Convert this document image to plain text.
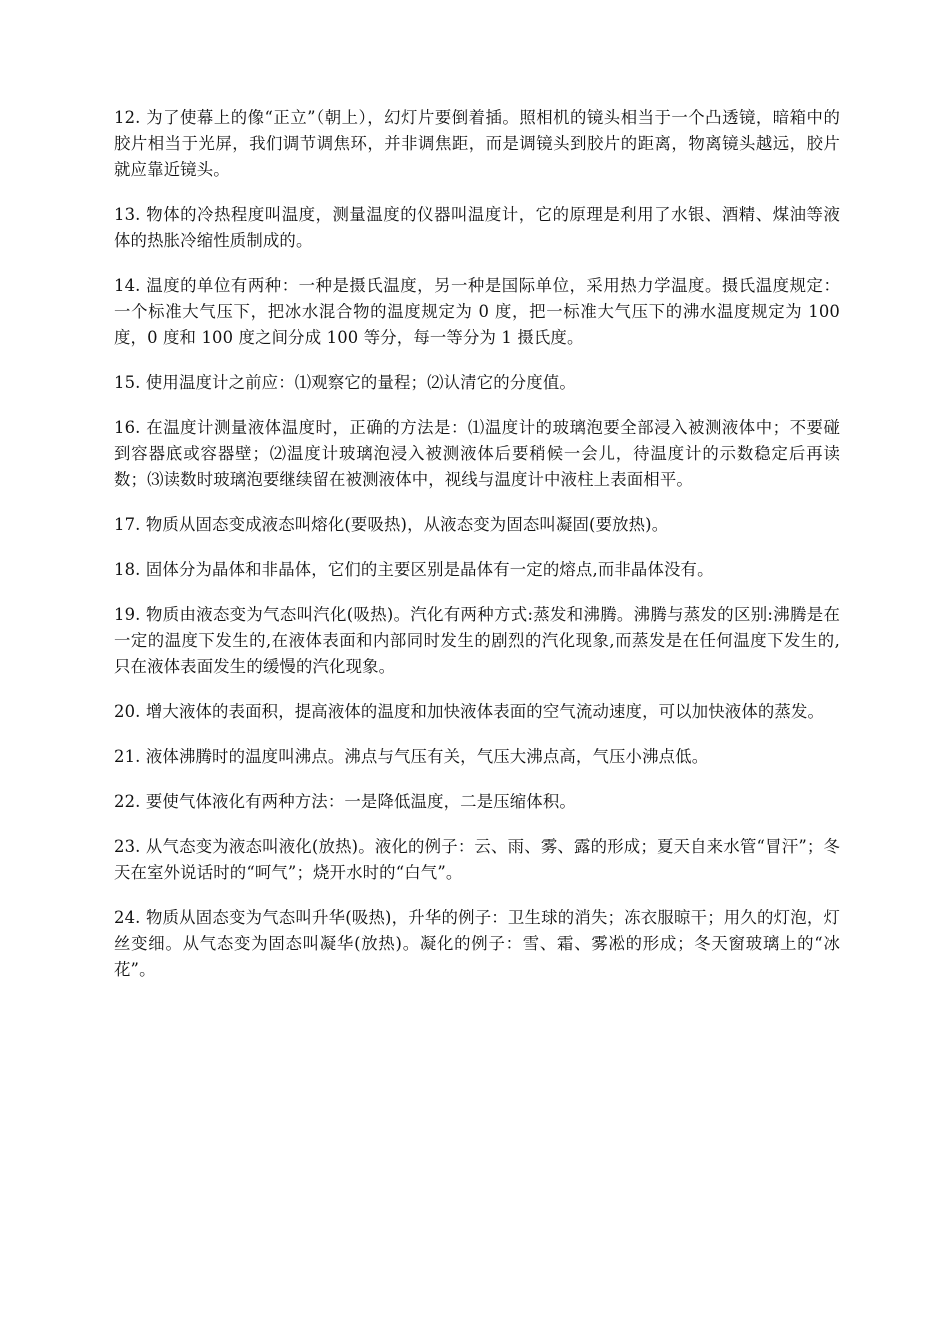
12. 为了使幕上的像“正立”（朝上），幻灯片要倒着插。照相机的镜头相当于一个凸透镜，暗箱中的胶片相当于光屏，我们调节调焦环，并非调焦距，而是调镜头到胶片的距离，物离镜头越远，胶片就应靠近镜头。

13. 物体的冷热程度叫温度，测量温度的仪器叫温度计，它的原理是利用了水银、酒精、煤油等液体的热胀冷缩性质制成的。

14. 温度的单位有两种：一种是摄氏温度，另一种是国际单位，采用热力学温度。摄氏温度规定：一个标准大气压下，把冰水混合物的温度规定为 0 度，把一标准大气压下的沸水温度规定为 100 度，0 度和 100 度之间分成 100 等分，每一等分为 1 摄氏度。

15. 使用温度计之前应：⑴观察它的量程；⑵认清它的分度值。

16. 在温度计测量液体温度时，正确的方法是：⑴温度计的玻璃泡要全部浸入被测液体中；不要碰到容器底或容器壁；⑵温度计玻璃泡浸入被测液体后要稍候一会儿，待温度计的示数稳定后再读数；⑶读数时玻璃泡要继续留在被测液体中，视线与温度计中液柱上表面相平。

17. 物质从固态变成液态叫熔化(要吸热)，从液态变为固态叫凝固(要放热)。

18. 固体分为晶体和非晶体，它们的主要区别是晶体有一定的熔点,而非晶体没有。

19. 物质由液态变为气态叫汽化(吸热)。汽化有两种方式:蒸发和沸腾。沸腾与蒸发的区别:沸腾是在一定的温度下发生的,在液体表面和内部同时发生的剧烈的汽化现象,而蒸发是在任何温度下发生的,只在液体表面发生的缓慢的汽化现象。

20. 增大液体的表面积，提高液体的温度和加快液体表面的空气流动速度，可以加快液体的蒸发。

21. 液体沸腾时的温度叫沸点。沸点与气压有关，气压大沸点高，气压小沸点低。

22. 要使气体液化有两种方法：一是降低温度，二是压缩体积。

23. 从气态变为液态叫液化(放热)。液化的例子：云、雨、雾、露的形成；夏天自来水管“冒汗”；冬天在室外说话时的“呵气”；烧开水时的“白气”。

24. 物质从固态变为气态叫升华(吸热)，升华的例子：卫生球的消失；冻衣服晾干；用久的灯泡，灯丝变细。从气态变为固态叫凝华(放热)。凝化的例子：雪、霜、雾凇的形成；冬天窗玻璃上的“冰花”。
